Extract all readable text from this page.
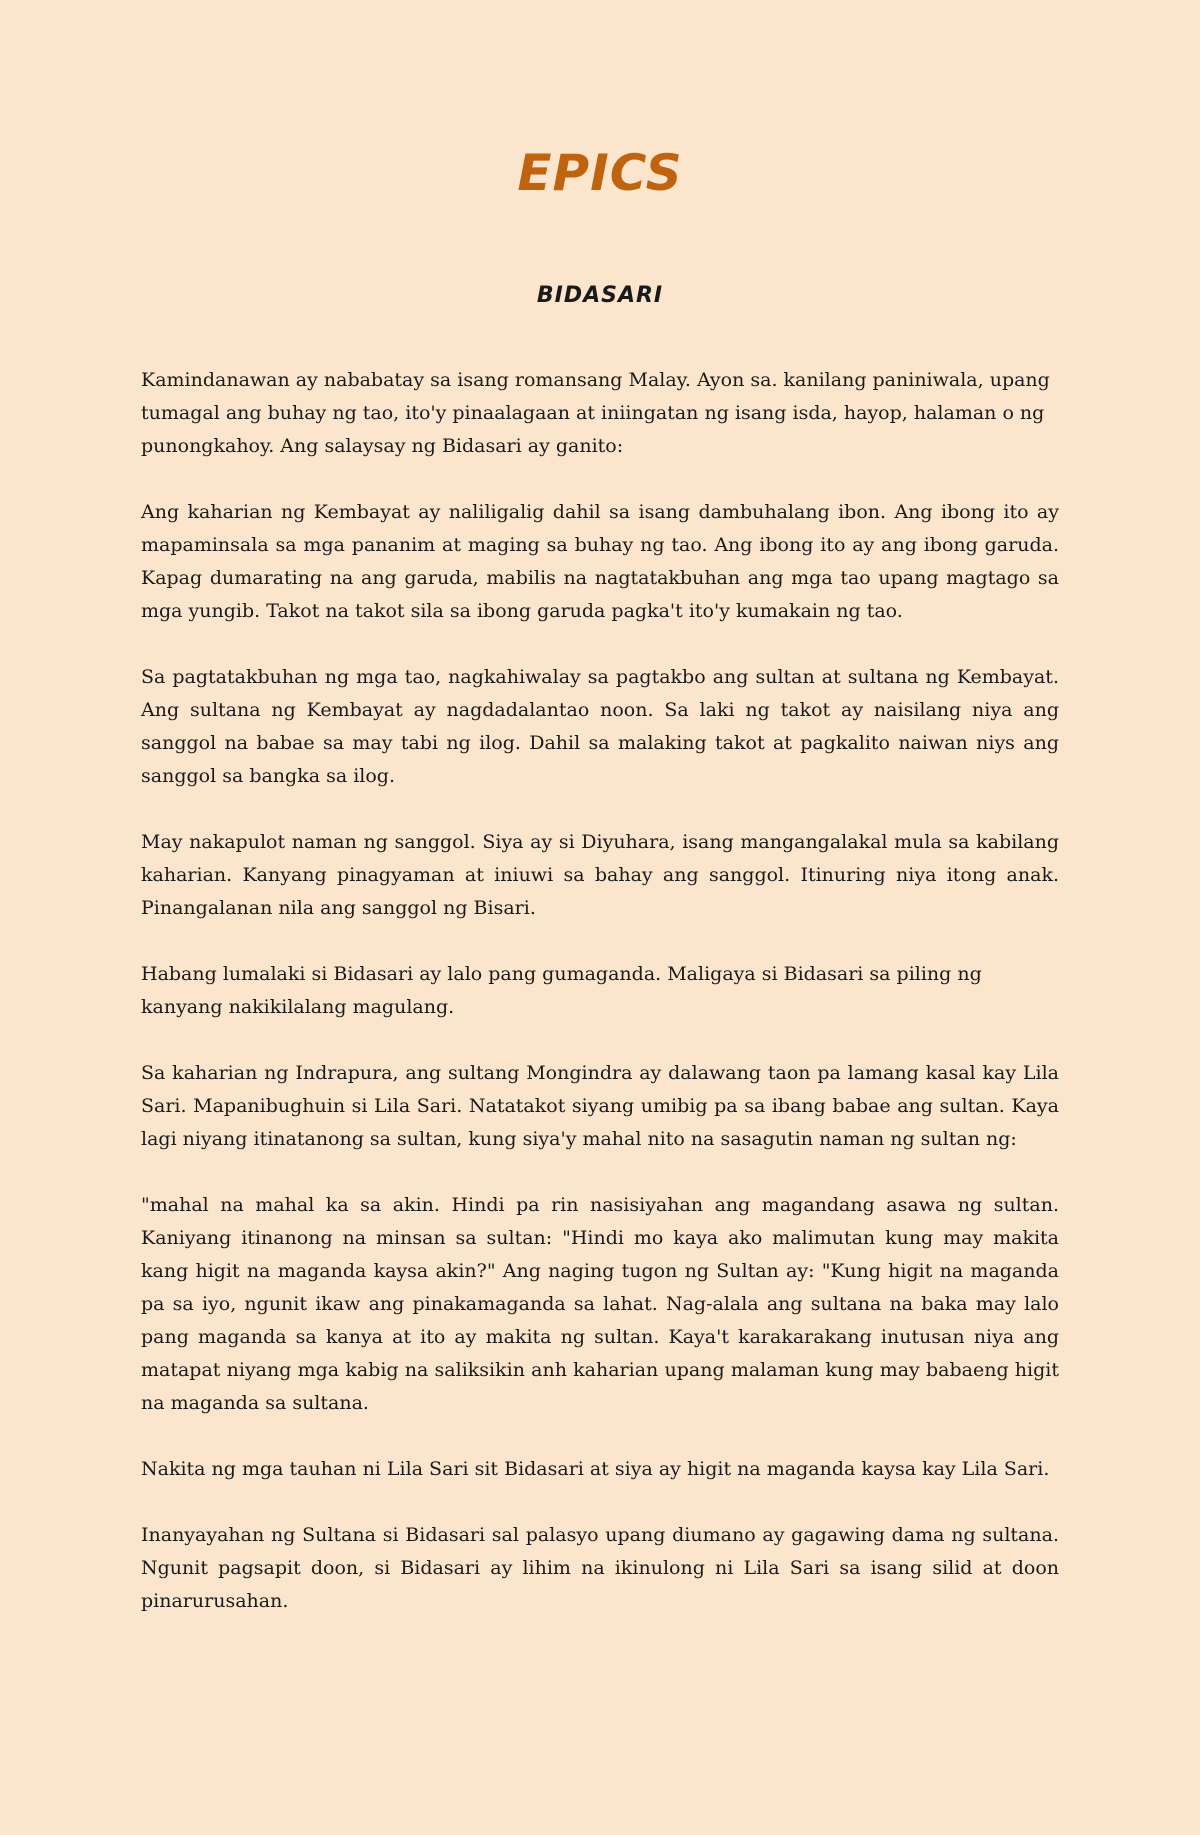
EPICS
BIDASARI

Kamindanawan ay nababatay sa isang romansang Malay. Ayon sa. kanilang paniniwala, upang tumagal ang buhay ng tao, ito'y pinaalagaan at iniingatan ng isang isda, hayop, halaman o ng punongkahoy. Ang salaysay ng Bidasari ay ganito:

Ang kaharian ng Kembayat ay naliligalig dahil sa isang dambuhalang ibon. Ang ibong ito ay mapaminsala sa mga pananim at maging sa buhay ng tao. Ang ibong ito ay ang ibong garuda. Kapag dumarating na ang garuda, mabilis na nagtatakbuhan ang mga tao upang magtago sa mga yungib. Takot na takot sila sa ibong garuda pagka't ito'y kumakain ng tao.

Sa pagtatakbuhan ng mga tao, nagkahiwalay sa pagtakbo ang sultan at sultana ng Kembayat. Ang sultana ng Kembayat ay nagdadalantao noon. Sa laki ng takot ay naisilang niya ang sanggol na babae sa may tabi ng ilog. Dahil sa malaking takot at pagkalito naiwan niys ang sanggol sa bangka sa ilog.

May nakapulot naman ng sanggol. Siya ay si Diyuhara, isang mangangalakal mula sa kabilang kaharian. Kanyang pinagyaman at iniuwi sa bahay ang sanggol. Itinuring niya itong anak. Pinangalanan nila ang sanggol ng Bisari.

Habang lumalaki si Bidasari ay lalo pang gumaganda. Maligaya si Bidasari sa piling ng kanyang nakikilalang magulang.

Sa kaharian ng Indrapura, ang sultang Mongindra ay dalawang taon pa lamang kasal kay Lila Sari. Mapanibughuin si Lila Sari. Natatakot siyang umibig pa sa ibang babae ang sultan. Kaya lagi niyang itinatanong sa sultan, kung siya'y mahal nito na sasagutin naman ng sultan ng:

"mahal na mahal ka sa akin. Hindi pa rin nasisiyahan ang magandang asawa ng sultan. Kaniyang itinanong na minsan sa sultan: "Hindi mo kaya ako malimutan kung may makita kang higit na maganda kaysa akin?" Ang naging tugon ng Sultan ay: "Kung higit na maganda pa sa iyo, ngunit ikaw ang pinakamaganda sa lahat. Nag-alala ang sultana na baka may lalo pang maganda sa kanya at ito ay makita ng sultan. Kaya't karakarakang inutusan niya ang matapat niyang mga kabig na saliksikin anh kaharian upang malaman kung may babaeng higit na maganda sa sultana.

Nakita ng mga tauhan ni Lila Sari sit Bidasari at siya ay higit na maganda kaysa kay Lila Sari.

Inanyayahan ng Sultana si Bidasari sal palasyo upang diumano ay gagawing dama ng sultana. Ngunit pagsapit doon, si Bidasari ay lihim na ikinulong ni Lila Sari sa isang silid at doon pinarurusahan.
